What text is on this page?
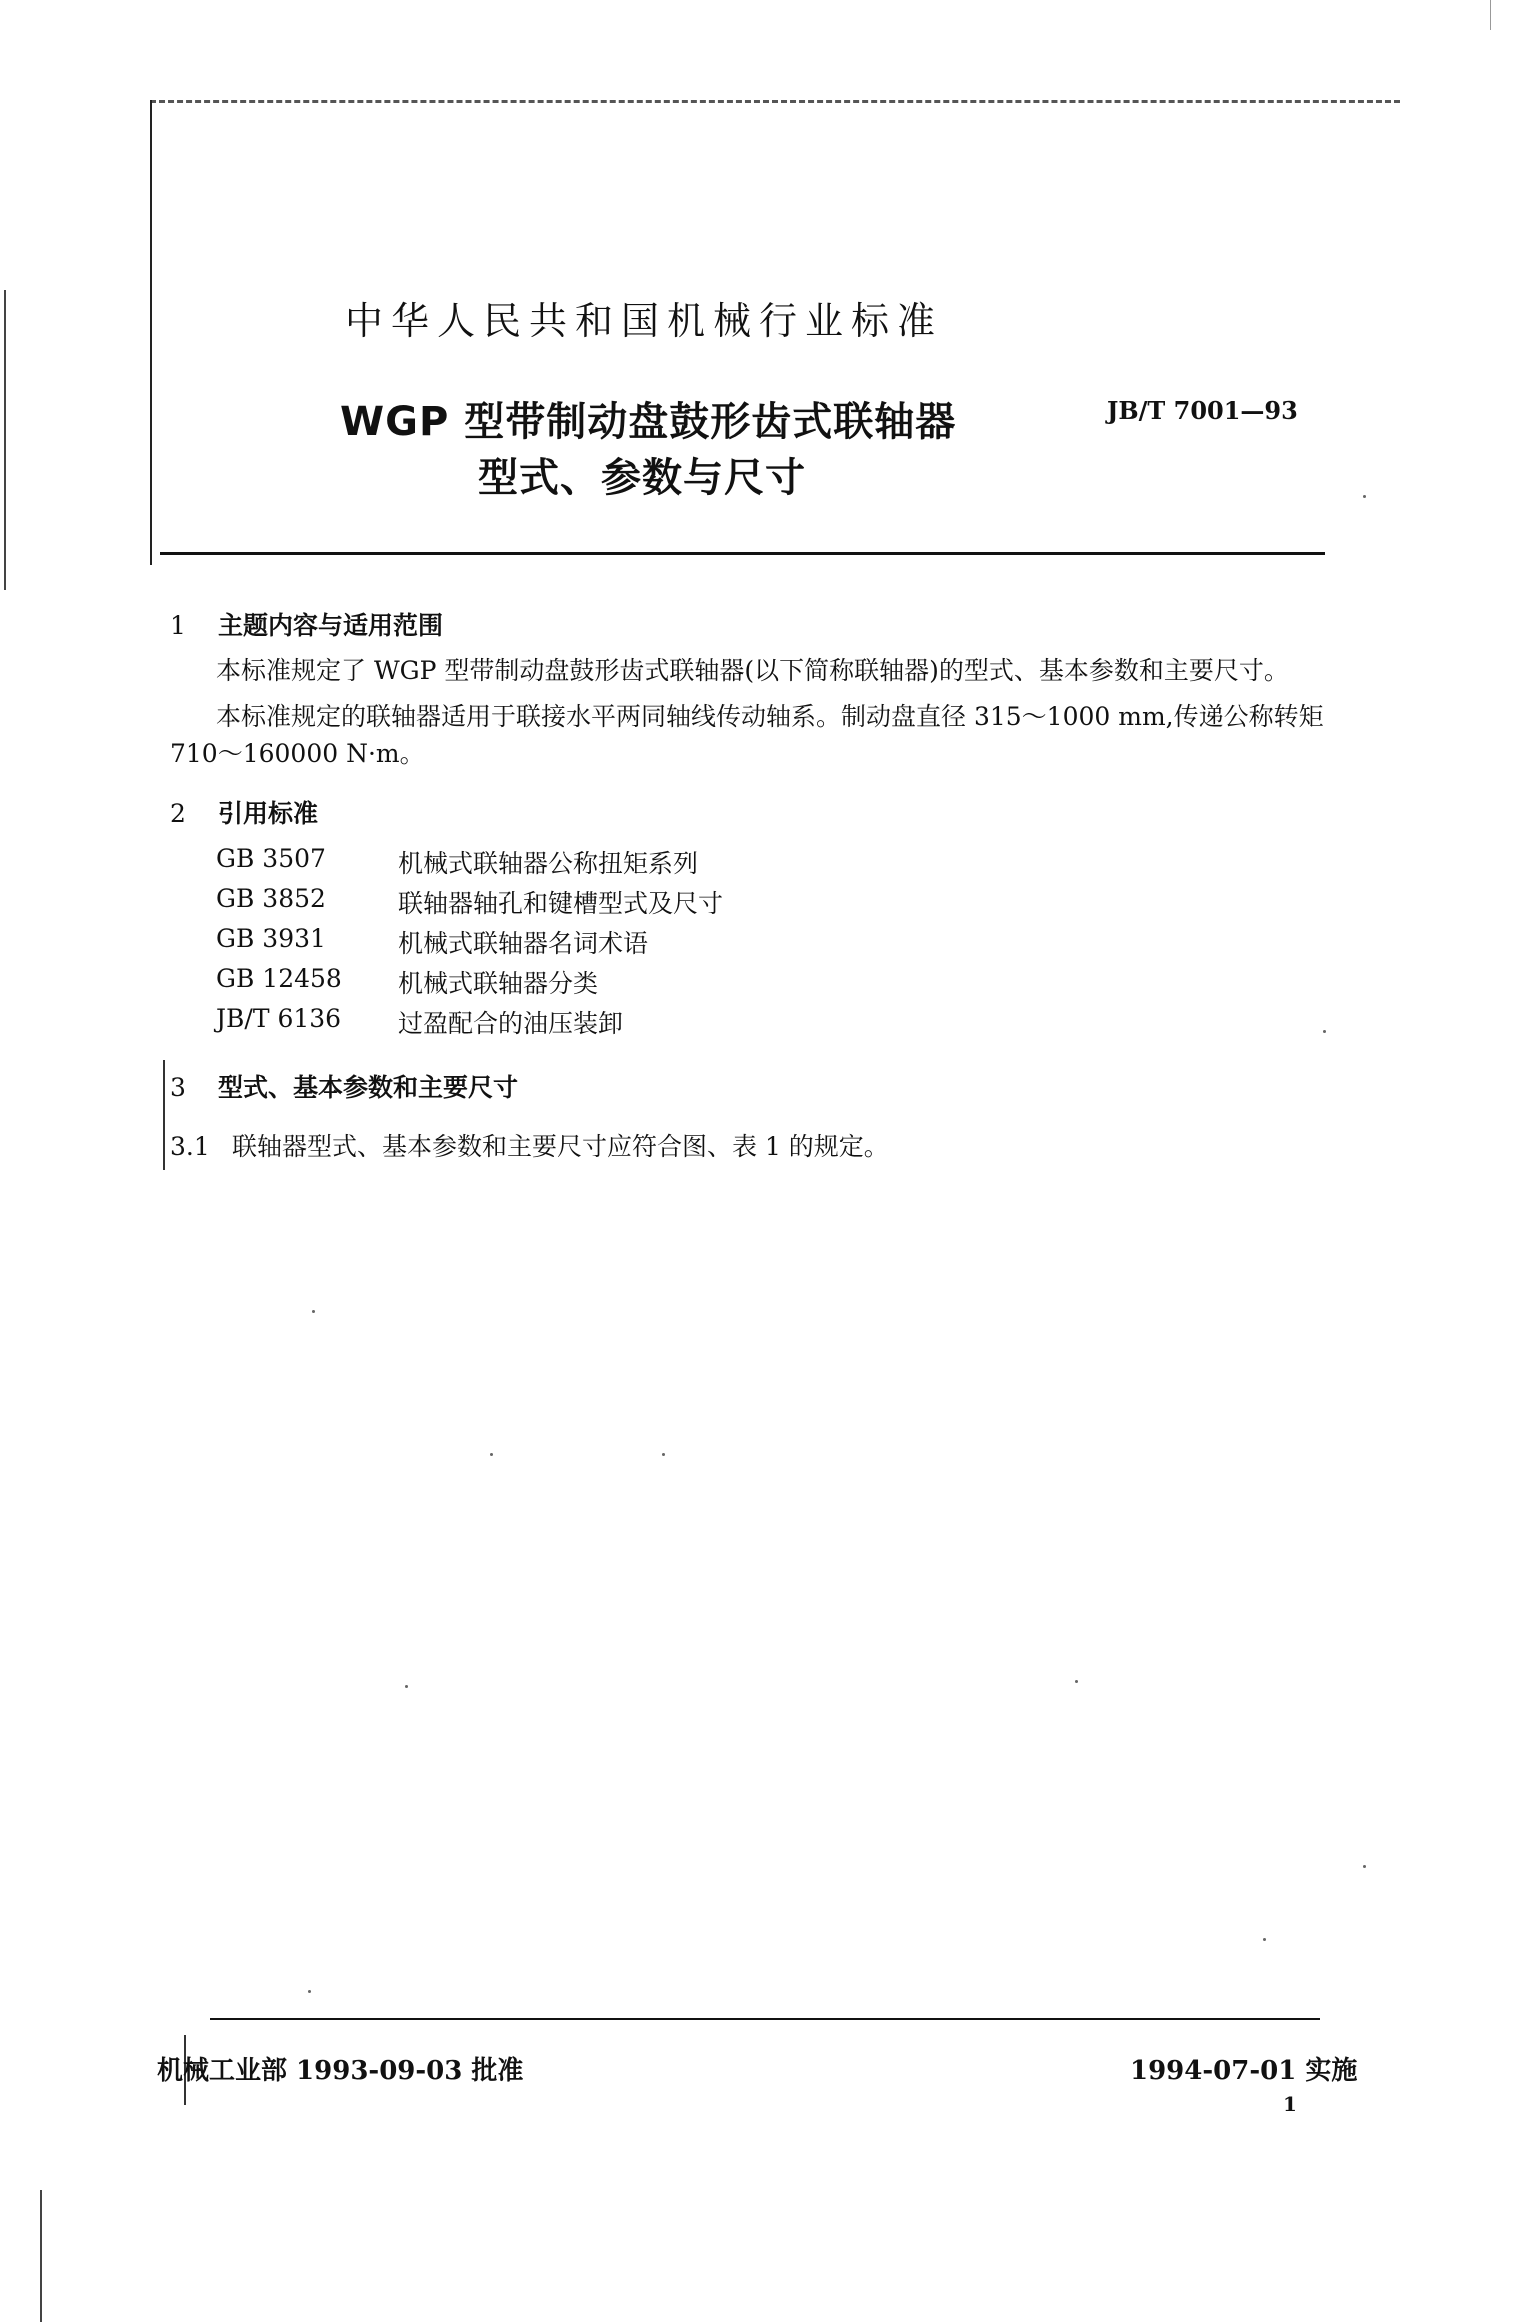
中华人民共和国机械行业标准
WGP 型带制动盘鼓形齿式联轴器
型式、参数与尺寸
JB/T 7001—93
1 主题内容与适用范围
本标准规定了 WGP 型带制动盘鼓形齿式联轴器(以下简称联轴器)的型式、基本参数和主要尺寸。
本标准规定的联轴器适用于联接水平两同轴线传动轴系。制动盘直径 315～1000 mm,传递公称转矩 710～160000 N·m。
2 引用标准
GB 3507	机械式联轴器公称扭矩系列
GB 3852	联轴器轴孔和键槽型式及尺寸
GB 3931	机械式联轴器名词术语
GB 12458 机械式联轴器分类
JB/T 6136 过盈配合的油压装卸
3 型式、基本参数和主要尺寸
3.1 联轴器型式、基本参数和主要尺寸应符合图、表 1 的规定。
机械工业部 1993-09-03 批准	1994-07-01 实施
1
